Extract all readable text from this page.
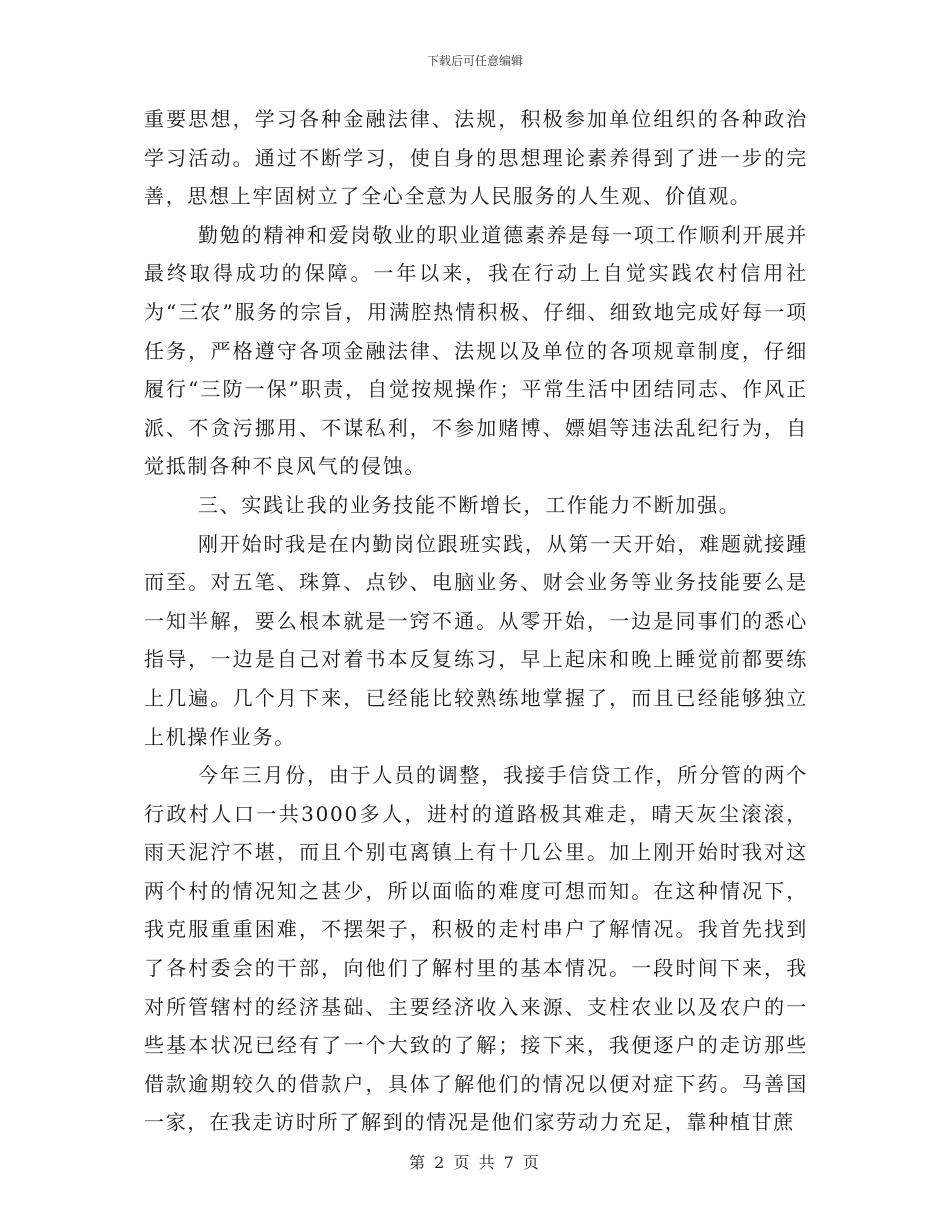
下载后可任意编辑

重要思想，学习各种金融法律、法规，积极参加单位组织的各种政治学习活动。通过不断学习，使自身的思想理论素养得到了进一步的完善，思想上牢固树立了全心全意为人民服务的人生观、价值观。

勤勉的精神和爱岗敬业的职业道德素养是每一项工作顺利开展并最终取得成功的保障。一年以来，我在行动上自觉实践农村信用社为“三农”服务的宗旨，用满腔热情积极、仔细、细致地完成好每一项任务，严格遵守各项金融法律、法规以及单位的各项规章制度，仔细履行“三防一保”职责，自觉按规操作；平常生活中团结同志、作风正派、不贪污挪用、不谋私利，不参加赌博、嫖娼等违法乱纪行为，自觉抵制各种不良风气的侵蚀。

三、实践让我的业务技能不断增长，工作能力不断加强。

刚开始时我是在内勤岗位跟班实践，从第一天开始，难题就接踵而至。对五笔、珠算、点钞、电脑业务、财会业务等业务技能要么是一知半解，要么根本就是一窍不通。从零开始，一边是同事们的悉心指导，一边是自己对着书本反复练习，早上起床和晚上睡觉前都要练上几遍。几个月下来，已经能比较熟练地掌握了，而且已经能够独立上机操作业务。

今年三月份，由于人员的调整，我接手信贷工作，所分管的两个行政村人口一共3000多人，进村的道路极其难走，晴天灰尘滚滚，雨天泥泞不堪，而且个别屯离镇上有十几公里。加上刚开始时我对这两个村的情况知之甚少，所以面临的难度可想而知。在这种情况下，我克服重重困难，不摆架子，积极的走村串户了解情况。我首先找到了各村委会的干部，向他们了解村里的基本情况。一段时间下来，我对所管辖村的经济基础、主要经济收入来源、支柱农业以及农户的一些基本状况已经有了一个大致的了解；接下来，我便逐户的走访那些借款逾期较久的借款户，具体了解他们的情况以便对症下药。马善国一家，在我走访时所了解到的情况是他们家劳动力充足，靠种植甘蔗

第 2 页 共 7 页
